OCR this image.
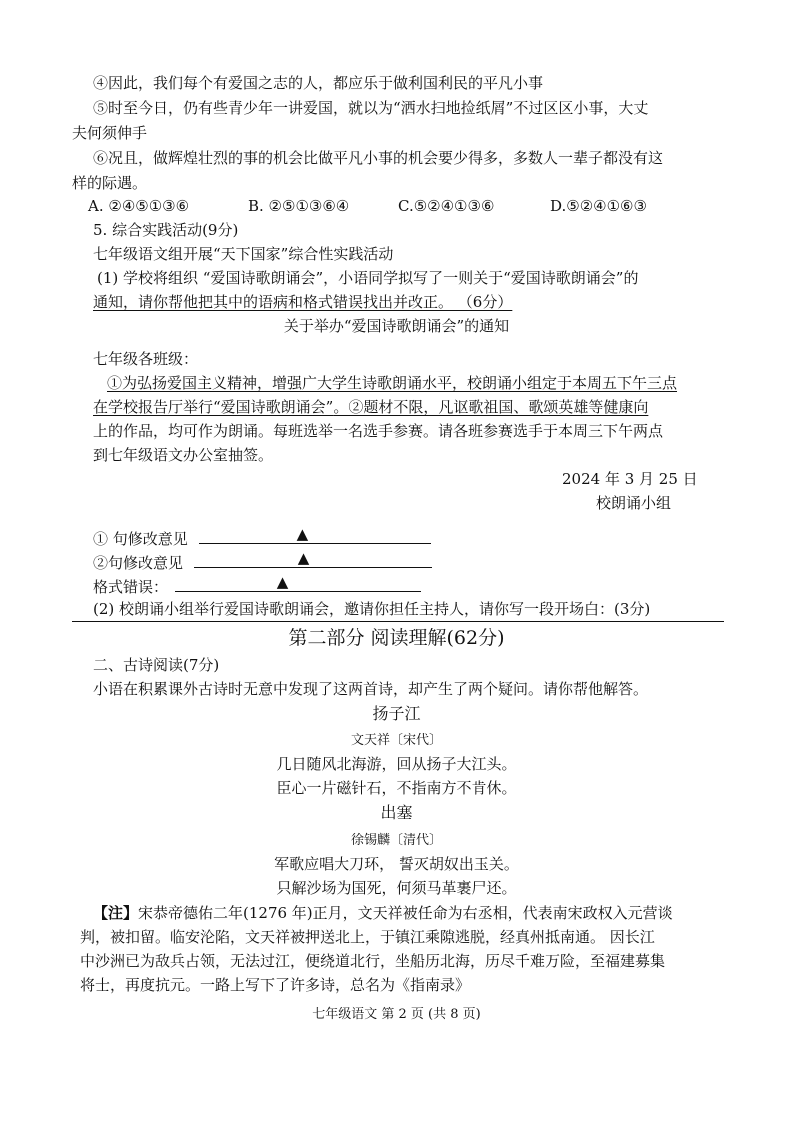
④因此，我们每个有爱国之志的人，都应乐于做利国利民的平凡小事
⑤时至今日，仍有些青少年一讲爱国，就以为“洒水扫地捡纸屑”不过区区小事，大丈
夫何须伸手
⑥况且，做辉煌壮烈的事的机会比做平凡小事的机会要少得多，多数人一辈子都没有这
样的际遇。
A. ②④⑤①③⑥	B. ②⑤①③⑥④	C.⑤②④①③⑥	D.⑤②④①⑥③
5. 综合实践活动(9分)
七年级语文组开展“天下国家”综合性实践活动
(1) 学校将组织 “爱国诗歌朗诵会”，小语同学拟写了一则关于“爱国诗歌朗诵会”的
通知，请你帮他把其中的语病和格式错误找出并改正。 （6分）
关于举办“爱国诗歌朗诵会”的通知
七年级各班级：
①为弘扬爱国主义精神，增强广大学生诗歌朗诵水平，校朗诵小组定于本周五下午三点
在学校报告厅举行“爱国诗歌朗诵会”。②题材不限，凡讴歌祖国、歌颂英雄等健康向
上的作品，均可作为朗诵。每班选举一名选手参赛。请各班参赛选手于本周三下午两点
到七年级语文办公室抽签。
2024 年 3 月 25 日
校朗诵小组
① 句修改意见	▲
②句修改意见	▲
格式错误：	▲
(2) 校朗诵小组举行爱国诗歌朗诵会，邀请你担任主持人，请你写一段开场白：(3分)
第二部分 阅读理解(62分)
二、古诗阅读(7分)
小语在积累课外古诗时无意中发现了这两首诗，却产生了两个疑问。请你帮他解答。
扬子江
文天祥〔宋代〕
几日随风北海游，回从扬子大江头。
臣心一片磁针石，不指南方不肯休。
出塞
徐锡麟〔清代〕
军歌应唱大刀环， 誓灭胡奴出玉关。
只解沙场为国死，何须马革裹尸还。
【注】宋恭帝德佑二年(1276 年)正月，文天祥被任命为右丞相，代表南宋政权入元营谈
判，被扣留。临安沦陷，文天祥被押送北上，于镇江乘隙逃脱，经真州抵南通。 因长江
中沙洲已为敌兵占领，无法过江，便绕道北行，坐船历北海，历尽千难万险，至福建募集
将士，再度抗元。一路上写下了许多诗，总名为《指南录》
七年级语文 第 2 页 (共 8 页)
